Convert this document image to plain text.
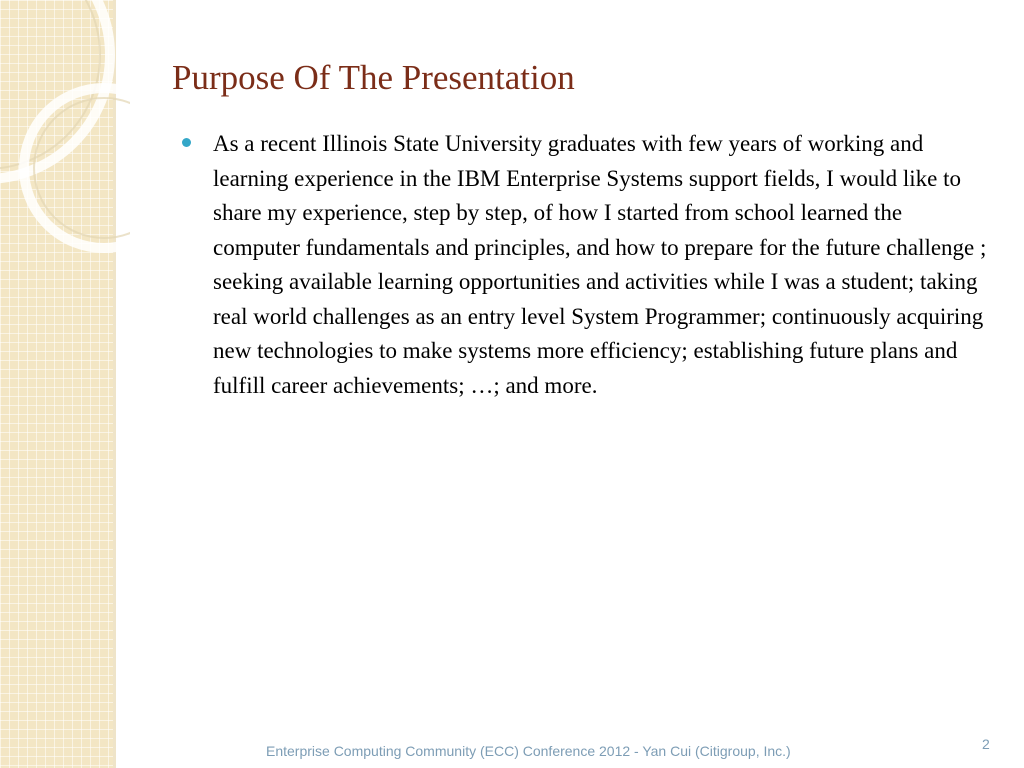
Purpose Of The Presentation
As a recent Illinois State University graduates with few years of working and learning experience in the IBM Enterprise Systems support fields, I would like to share my experience, step by step, of how I started from school learned the computer fundamentals and principles, and how to prepare for the future challenge ; seeking available learning opportunities and activities while I was a student; taking real world challenges as an entry level System Programmer; continuously acquiring new technologies to make systems more efficiency; establishing future plans and fulfill career achievements; …; and more.
Enterprise Computing Community (ECC) Conference 2012 - Yan Cui (Citigroup, Inc.)	2
